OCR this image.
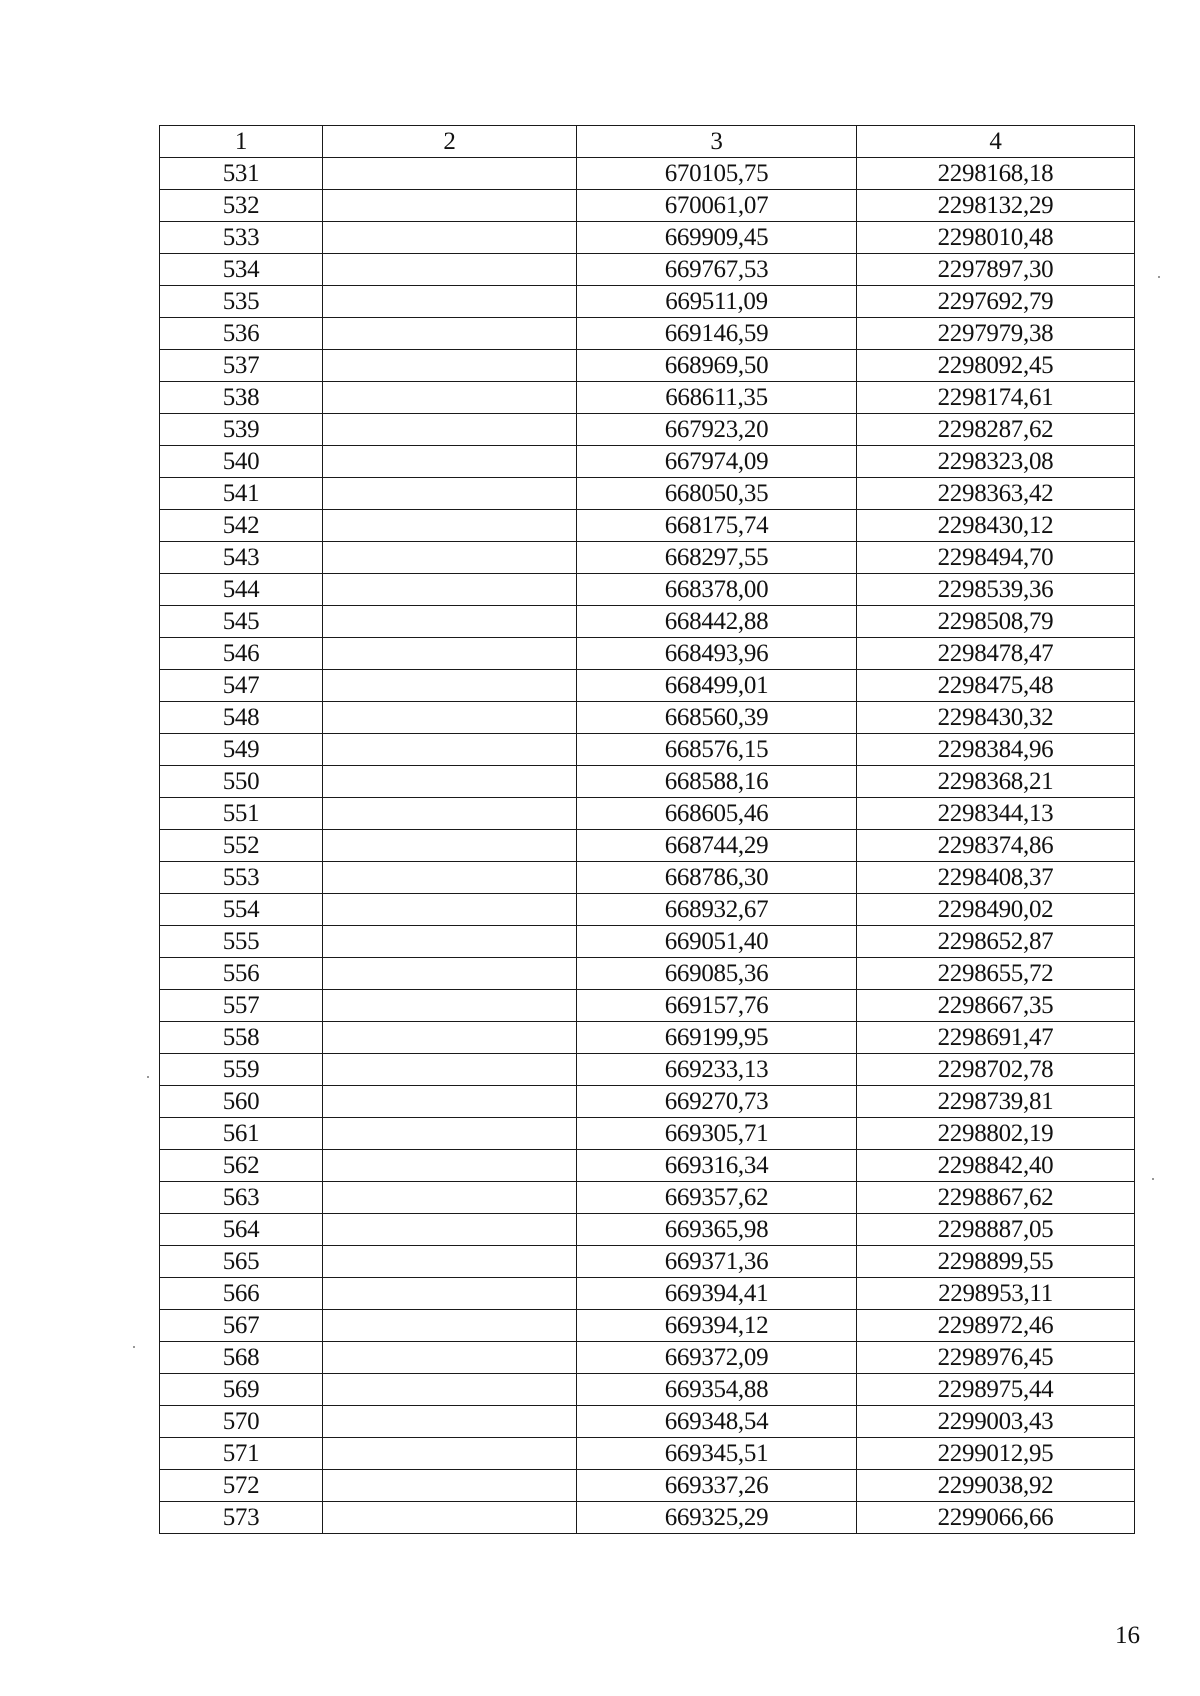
1	2	3	4
531		670105,75	2298168,18
532		670061,07	2298132,29
533		669909,45	2298010,48
534		669767,53	2297897,30
535		669511,09	2297692,79
536		669146,59	2297979,38
537		668969,50	2298092,45
538		668611,35	2298174,61
539		667923,20	2298287,62
540		667974,09	2298323,08
541		668050,35	2298363,42
542		668175,74	2298430,12
543		668297,55	2298494,70
544		668378,00	2298539,36
545		668442,88	2298508,79
546		668493,96	2298478,47
547		668499,01	2298475,48
548		668560,39	2298430,32
549		668576,15	2298384,96
550		668588,16	2298368,21
551		668605,46	2298344,13
552		668744,29	2298374,86
553		668786,30	2298408,37
554		668932,67	2298490,02
555		669051,40	2298652,87
556		669085,36	2298655,72
557		669157,76	2298667,35
558		669199,95	2298691,47
559		669233,13	2298702,78
560		669270,73	2298739,81
561		669305,71	2298802,19
562		669316,34	2298842,40
563		669357,62	2298867,62
564		669365,98	2298887,05
565		669371,36	2298899,55
566		669394,41	2298953,11
567		669394,12	2298972,46
568		669372,09	2298976,45
569		669354,88	2298975,44
570		669348,54	2299003,43
571		669345,51	2299012,95
572		669337,26	2299038,92
573		669325,29	2299066,66
16
